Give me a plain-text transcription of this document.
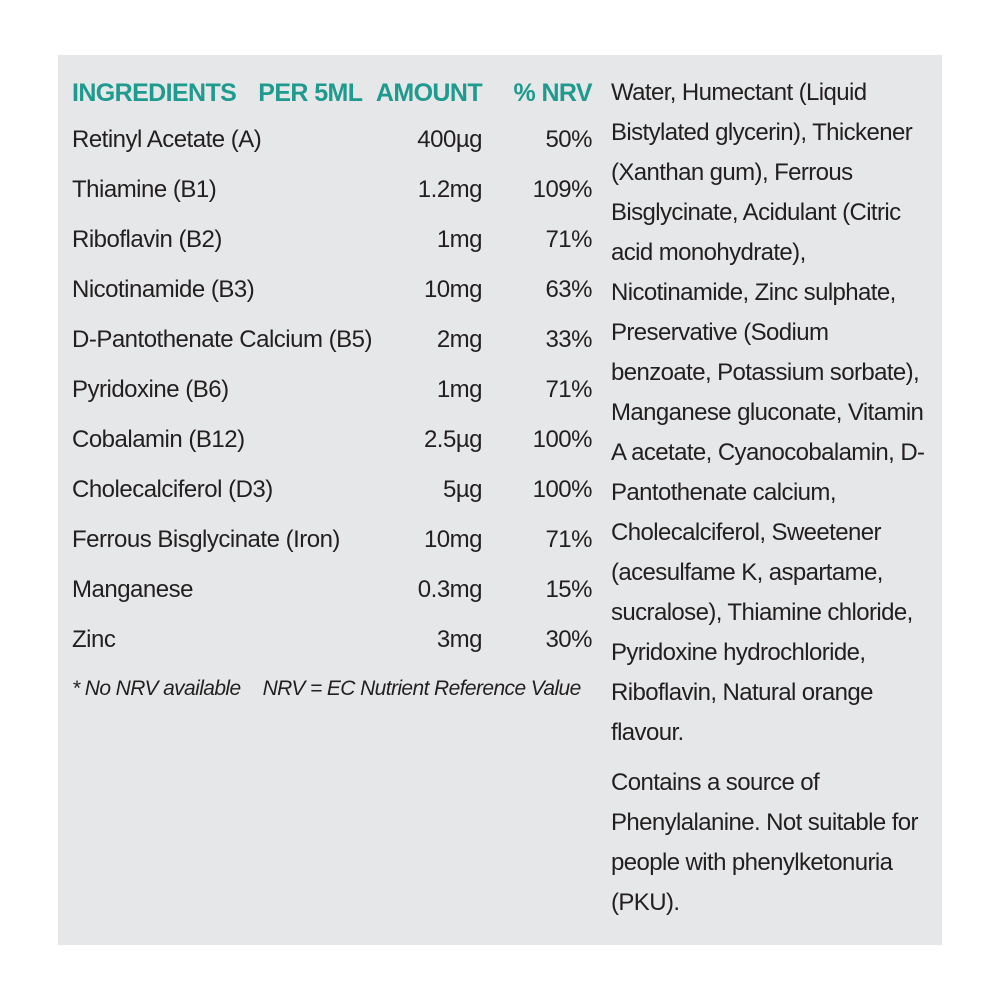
INGREDIENTS PER 5ML	AMOUNT	% NRV
Retinyl Acetate (A)	400µg	50%
Thiamine (B1)	1.2mg	109%
Riboflavin (B2)	1mg	71%
Nicotinamide (B3)	10mg	63%
D-Pantothenate Calcium (B5)	2mg	33%
Pyridoxine (B6)	1mg	71%
Cobalamin (B12)	2.5µg	100%
Cholecalciferol (D3)	5µg	100%
Ferrous Bisglycinate (Iron)	10mg	71%
Manganese	0.3mg	15%
Zinc	3mg	30%
* No NRV available NRV = EC Nutrient Reference Value

Water, Humectant (Liquid Bistylated glycerin), Thickener (Xanthan gum), Ferrous Bisglycinate, Acidulant (Citric acid monohydrate), Nicotinamide, Zinc sulphate, Preservative (Sodium benzoate, Potassium sorbate), Manganese gluconate, Vitamin A acetate, Cyanocobalamin, D-Pantothenate calcium, Cholecalciferol, Sweetener (acesulfame K, aspartame, sucralose), Thiamine chloride, Pyridoxine hydrochloride, Riboflavin, Natural orange flavour.

Contains a source of Phenylalanine. Not suitable for people with phenylketonuria (PKU).
